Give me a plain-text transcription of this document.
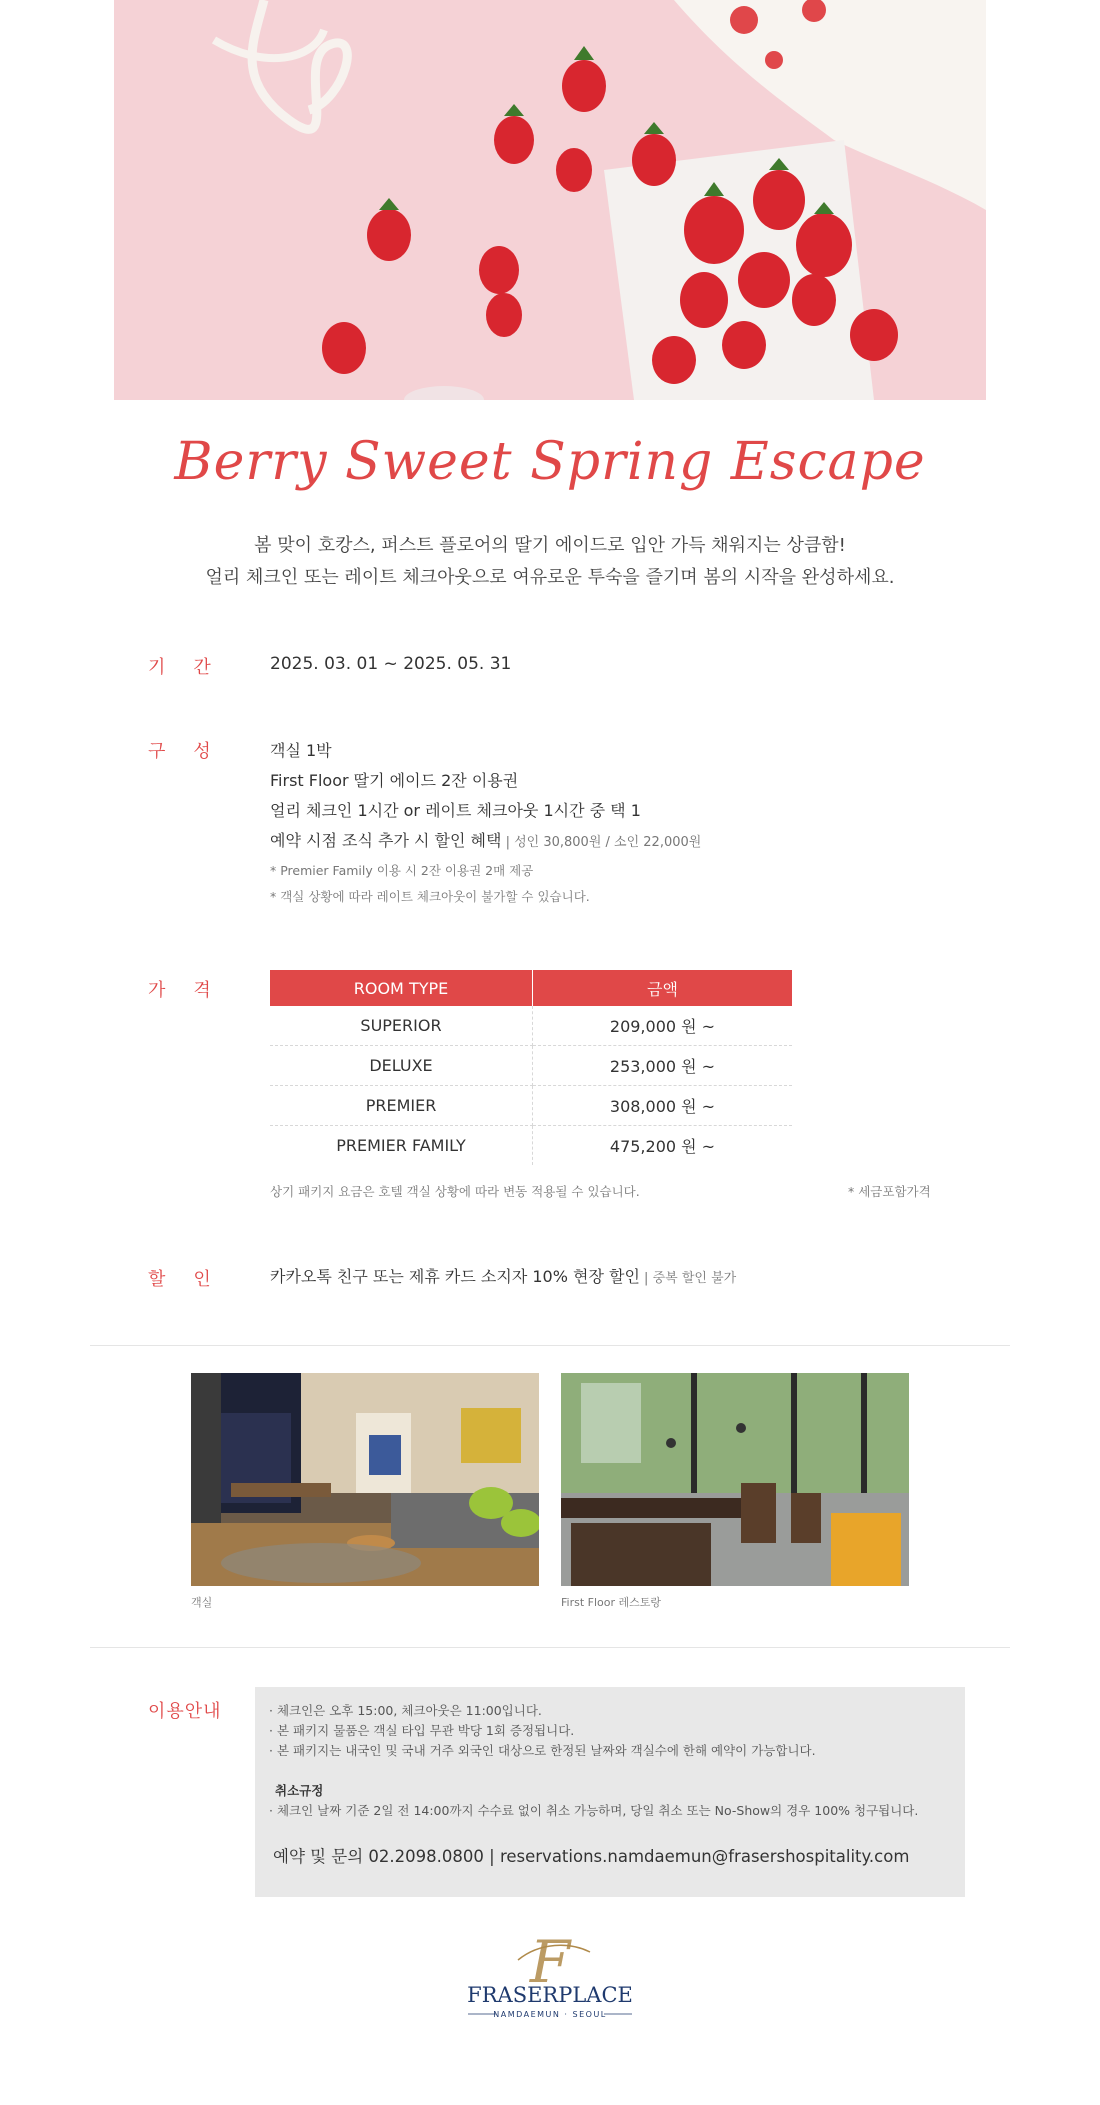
Berry Sweet Spring Escape
봄 맞이 호캉스, 퍼스트 플로어의 딸기 에이드로 입안 가득 채워지는 상큼함!
얼리 체크인 또는 레이트 체크아웃으로 여유로운 투숙을 즐기며 봄의 시작을 완성하세요.
기간 2025. 03. 01 ~ 2025. 05. 31
구성 객실 1박
First Floor 딸기 에이드 2잔 이용권
얼리 체크인 1시간 or 레이트 체크아웃 1시간 중 택 1
예약 시점 조식 추가 시 할인 혜택 | 성인 30,800원 / 소인 22,000원
* Premier Family 이용 시 2잔 이용권 2매 제공
* 객실 상황에 따라 레이트 체크아웃이 불가할 수 있습니다.
가격	ROOM TYPE	금액
SUPERIOR	209,000 원 ~
DELUXE	253,000 원 ~
PREMIER	308,000 원 ~
PREMIER FAMILY	475,200 원 ~
상기 패키지 요금은 호텔 객실 상황에 따라 변동 적용될 수 있습니다.	* 세금포함가격
할인 카카오톡 친구 또는 제휴 카드 소지자 10% 현장 할인 | 중복 할인 불가
객실	First Floor 레스토랑
이용안내	· 체크인은 오후 15:00, 체크아웃은 11:00입니다.
· 본 패키지 물품은 객실 타입 무관 박당 1회 증정됩니다.
· 본 패키지는 내국인 및 국내 거주 외국인 대상으로 한정된 날짜와 객실수에 한해 예약이 가능합니다.
취소규정
· 체크인 날짜 기준 2일 전 14:00까지 수수료 없이 취소 가능하며, 당일 취소 또는 No-Show의 경우 100% 청구됩니다.
예약 및 문의 02.2098.0800 | reservations.namdaemun@frasershospitality.com
F
FRASERPLACE
NAMDAEMUN · SEOUL
